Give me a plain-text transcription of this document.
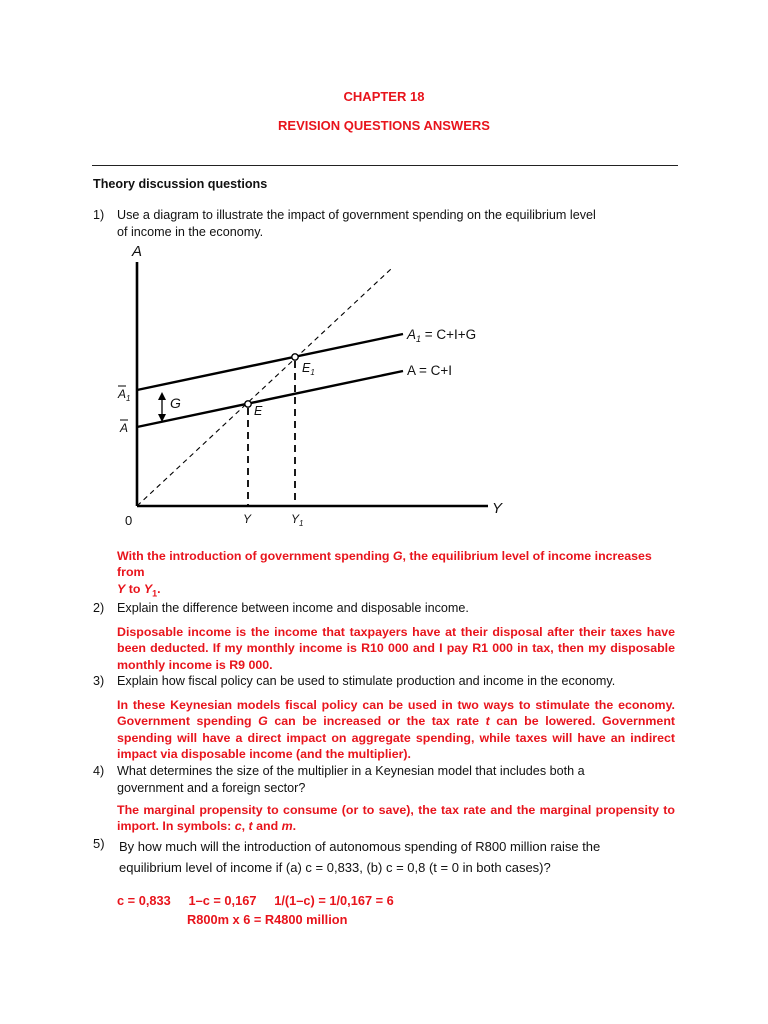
CHAPTER 18
REVISION QUESTIONS ANSWERS
Theory discussion questions
1) Use a diagram to illustrate the impact of government spending on the equilibrium level
of income in the economy.
A
Y
0
$A_1 = C+I+G$
A = C+I
$A_1$
A
G	E
$E_1$
Y	$Y_1$
With the introduction of government spending G, the equilibrium level of income increases from
Y to $Y_1$.
2) Explain the difference between income and disposable income.
Disposable income is the income that taxpayers have at their disposal after their taxes have been deducted. If my monthly income is R10 000 and I pay R1 000 in tax, then my disposable monthly income is R9 000.
3) Explain how fiscal policy can be used to stimulate production and income in the economy.
In these Keynesian models fiscal policy can be used in two ways to stimulate the economy. Government spending G can be increased or the tax rate t can be lowered. Government spending will have a direct impact on aggregate spending, while taxes will have an indirect impact via disposable income (and the multiplier).
4) What determines the size of the multiplier in a Keynesian model that includes both a
government and a foreign sector?
The marginal propensity to consume (or to save), the tax rate and the marginal propensity to import. In symbols: c, t and m.
5) By how much will the introduction of autonomous spending of R800 million raise the
equilibrium level of income if (a) c = 0,833, (b) c = 0,8 (t = 0 in both cases)?
c = 0,833     1–c = 0,167     1/(1–c) = 1/0,167 = 6
R800m x 6 = R4800 million
